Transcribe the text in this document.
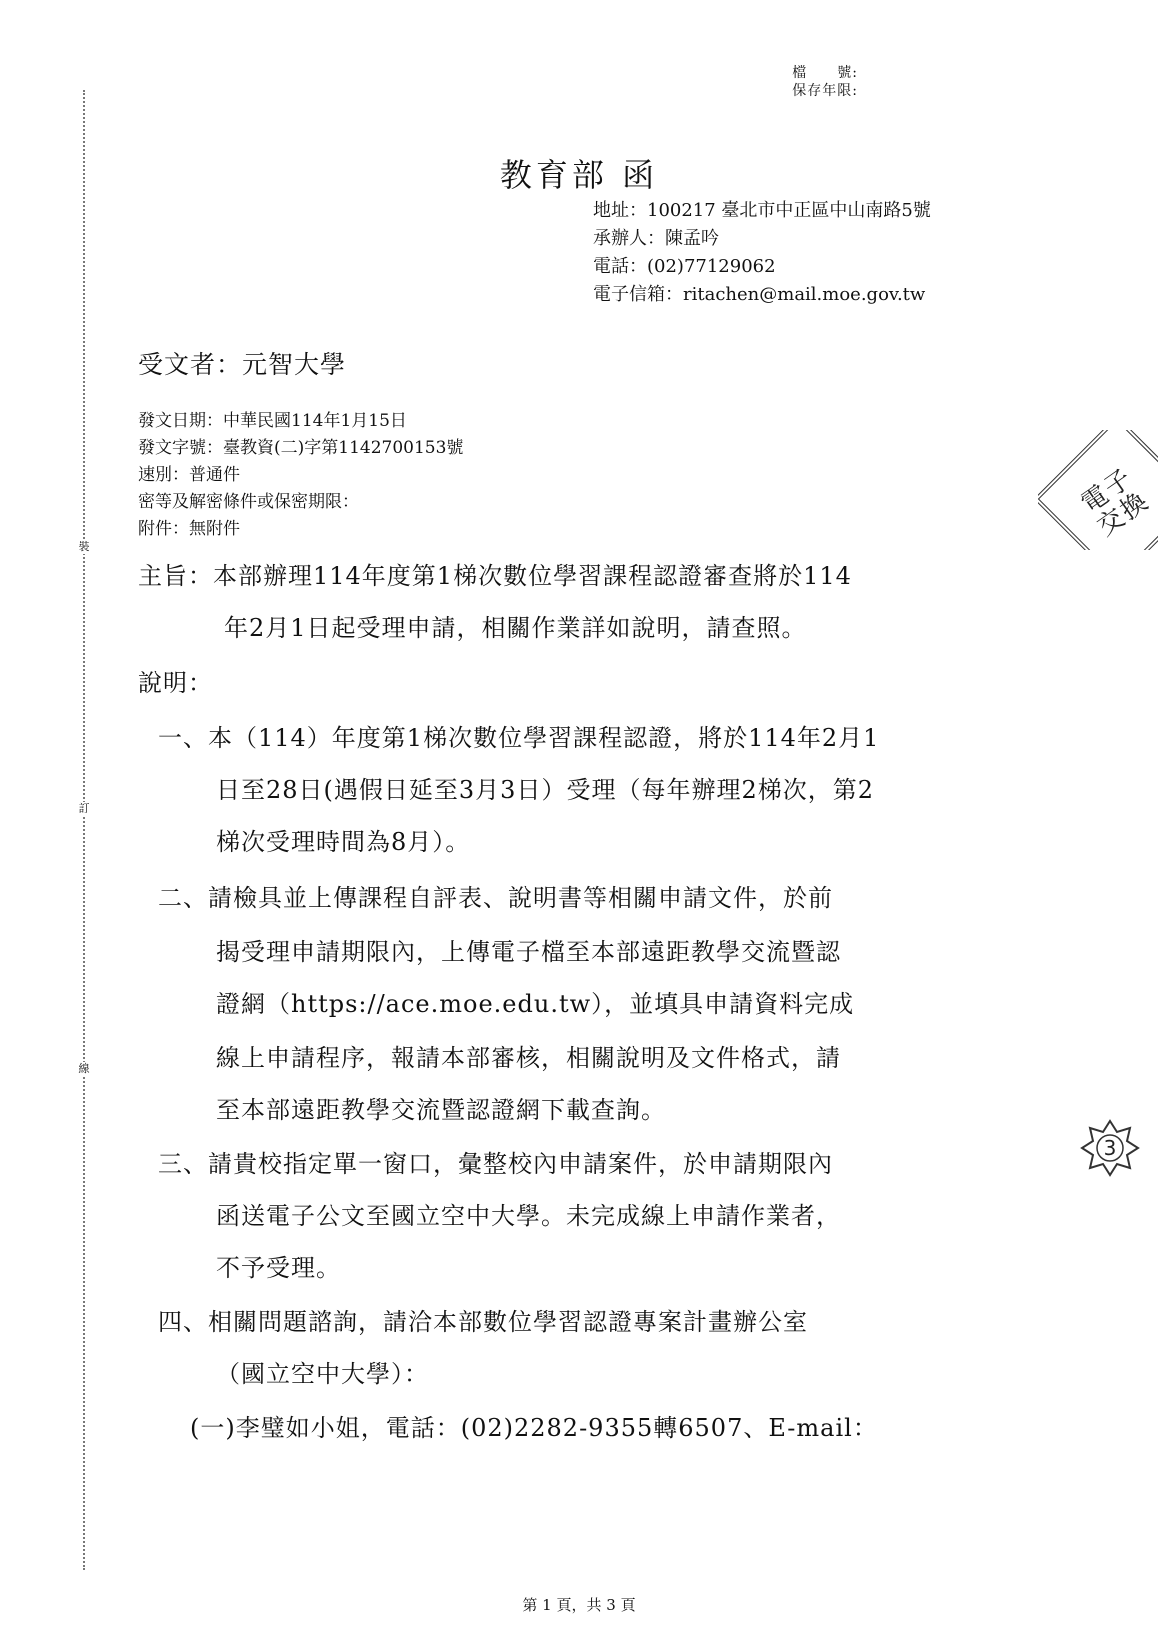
裝
訂
線
檔　　號:
保存年限:
教育部 函
地址：100217 臺北市中正區中山南路5號
承辦人：陳孟吟
電話：(02)77129062
電子信箱：ritachen@mail.moe.gov.tw
受文者：元智大學
發文日期：中華民國114年1月15日
發文字號：臺教資(二)字第1142700153號
速別：普通件
密等及解密條件或保密期限：
附件：無附件
主旨：本部辦理114年度第1梯次數位學習課程認證審查將於114
年2月1日起受理申請，相關作業詳如說明，請查照。
說明：
一、本（114）年度第1梯次數位學習課程認證，將於114年2月1
日至28日(遇假日延至3月3日）受理（每年辦理2梯次，第2
梯次受理時間為8月）。
二、請檢具並上傳課程自評表、說明書等相關申請文件，於前
揭受理申請期限內，上傳電子檔至本部遠距教學交流暨認
證網（https://ace.moe.edu.tw），並填具申請資料完成
線上申請程序，報請本部審核，相關說明及文件格式，請
至本部遠距教學交流暨認證網下載查詢。
三、請貴校指定單一窗口，彙整校內申請案件，於申請期限內
函送電子公文至國立空中大學。未完成線上申請作業者，
不予受理。
四、相關問題諮詢，請洽本部數位學習認證專案計畫辦公室
（國立空中大學）：
(一)李璧如小姐，電話：(02)2282-9355轉6507、E-mail：
電子交換
3
第 1 頁，共 3 頁
